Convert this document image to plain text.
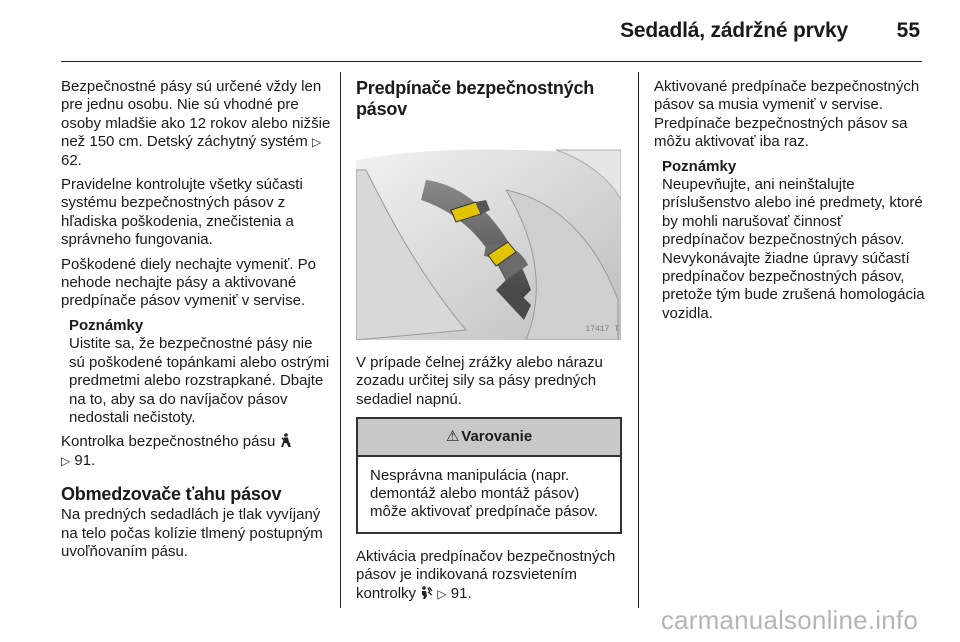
Sedadlá, zádržné prvky 55

Bezpečnostné pásy sú určené vždy len pre jednu osobu. Nie sú vhodné pre osoby mladšie ako 12 rokov alebo nižšie než 150 cm. Detský záchytný systém ▷ 62.

Pravidelne kontrolujte všetky súčasti systému bezpečnostných pásov z hľadiska poškodenia, znečistenia a správneho fungovania.

Poškodené diely nechajte vymeniť. Po nehode nechajte pásy a aktivované predpínače pásov vymeniť v servise.

Poznámky
Uistite sa, že bezpečnostné pásy nie sú poškodené topánkami alebo ostrými predmetmi alebo rozstrapkané. Dbajte na to, aby sa do navíjačov pásov nedostali nečistoty.

Kontrolka bezpečnostného pásu
▷ 91.

Obmedzovače ťahu pásov

Na predných sedadlách je tlak vyvíjaný na telo počas kolízie tlmený postupným uvoľňovaním pásu.

Predpínače bezpečnostných pásov
17417 T

V prípade čelnej zrážky alebo nárazu zozadu určitej sily sa pásy predných sedadiel napnú.

⚠ Varovanie
Nesprávna manipulácia (napr. demontáž alebo montáž pásov) môže aktivovať predpínače pásov.

Aktivácia predpínačov bezpečnostných pásov je indikovaná rozsvietením kontrolky ▷ 91.

Aktivované predpínače bezpečnostných pásov sa musia vymeniť v servise. Predpínače bezpečnostných pásov sa môžu aktivovať iba raz.

Poznámky
Neupevňujte, ani neinštalujte príslušenstvo alebo iné predmety, ktoré by mohli narušovať činnosť predpínačov bezpečnostných pásov. Nevykonávajte žiadne úpravy súčastí predpínačov bezpečnostných pásov, pretože tým bude zrušená homologácia vozidla.
carmanualsonline.info
